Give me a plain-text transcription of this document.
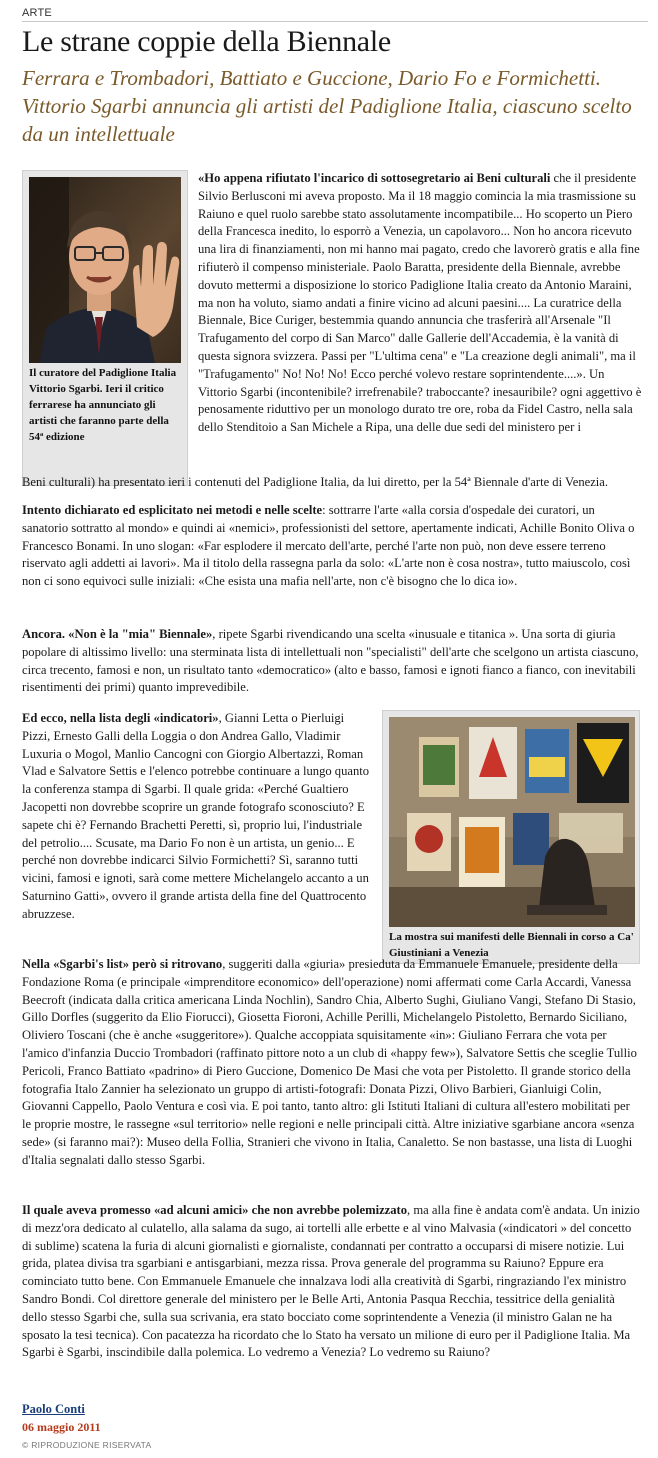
ARTE
Le strane coppie della Biennale

Ferrara e Trombadori, Battiato e Guccione, Dario Fo e Formichetti. Vittorio Sgarbi annuncia gli artisti del Padiglione Italia, ciascuno scelto da un intellettuale

Il curatore del Padiglione Italia Vittorio Sgarbi. Ieri il critico ferrarese ha annunciato gli artisti che faranno parte della 54ª edizione
La mostra sui manifesti delle Biennali in corso a Ca' Giustiniani a Venezia

«Ho appena rifiutato l'incarico di sottosegretario ai Beni culturali che il presidente Silvio Berlusconi mi aveva proposto. Ma il 18 maggio comincia la mia trasmissione su Raiuno e quel ruolo sarebbe stato assolutamente incompatibile... Ho scoperto un Piero della Francesca inedito, lo esporrò a Venezia, un capolavoro... Non ho ancora ricevuto una lira di finanziamenti, non mi hanno mai pagato, credo che lavorerò gratis e alla fine rifiuterò il compenso ministeriale. Paolo Baratta, presidente della Biennale, avrebbe dovuto mettermi a disposizione lo storico Padiglione Italia creato da Antonio Maraini, ma non ha voluto, siamo andati a finire vicino ad alcuni paesini.... La curatrice della Biennale, Bice Curiger, bestemmia quando annuncia che trasferirà all'Arsenale "Il Trafugamento del corpo di San Marco" dalle Gallerie dell'Accademia, è la vanità di questa signora svizzera. Passi per "L'ultima cena" e "La creazione degli animali", ma il "Trafugamento" No! No! No! Ecco perché volevo restare soprintendente....». Un Vittorio Sgarbi (incontenibile? irrefrenabile? traboccante? inesauribile? ogni aggettivo è penosamente riduttivo per un monologo durato tre ore, roba da Fidel Castro, nella sala dello Stenditoio a San Michele a Ripa, una delle due sedi del ministero per i

Beni culturali) ha presentato ieri i contenuti del Padiglione Italia, da lui diretto, per la 54ª Biennale d'arte di Venezia.

Intento dichiarato ed esplicitato nei metodi e nelle scelte: sottrarre l'arte «alla corsia d'ospedale dei curatori, un sanatorio sottratto al mondo» e quindi ai «nemici», professionisti del settore, apertamente indicati, Achille Bonito Oliva o Francesco Bonami. In uno slogan: «Far esplodere il mercato dell'arte, perché l'arte non può, non deve essere terreno riservato agli addetti ai lavori». Ma il titolo della rassegna parla da solo: «L'arte non è cosa nostra», tutto maiuscolo, così non ci sono equivoci sulle iniziali: «Che esista una mafia nell'arte, non c'è bisogno che lo dica io».

Ancora. «Non è la "mia" Biennale», ripete Sgarbi rivendicando una scelta «inusuale e titanica ». Una sorta di giuria popolare di altissimo livello: una sterminata lista di intellettuali non "specialisti" dell'arte che scelgono un artista ciascuno, circa trecento, famosi e non, un risultato tanto «democratico» (alto e basso, famosi e ignoti fianco a fianco, con inevitabili risentimenti dei primi) quanto imprevedibile.

Ed ecco, nella lista degli «indicatori», Gianni Letta o Pierluigi Pizzi, Ernesto Galli della Loggia o don Andrea Gallo, Vladimir Luxuria o Mogol, Manlio Cancogni con Giorgio Albertazzi, Roman Vlad e Salvatore Settis e l'elenco potrebbe continuare a lungo quanto la conferenza stampa di Sgarbi. Il quale grida: «Perché Gualtiero Jacopetti non dovrebbe scoprire un grande fotografo sconosciuto? E sapete chi è? Fernando Brachetti Peretti, sì, proprio lui, l'industriale del petrolio.... Scusate, ma Dario Fo non è un artista, un genio... E perché non dovrebbe indicarci Silvio Formichetti? Sì, saranno tutti vicini, famosi e ignoti, sarà come mettere Michelangelo accanto a un Saturnino Gatti», ovvero il grande artista della fine del Quattrocento abruzzese.

Nella «Sgarbi's list» però si ritrovano, suggeriti dalla «giuria» presieduta da Emmanuele Emanuele, presidente della Fondazione Roma (e principale «imprenditore economico» dell'operazione) nomi affermati come Carla Accardi, Vanessa Beecroft (indicata dalla critica americana Linda Nochlin), Sandro Chia, Alberto Sughi, Giuliano Vangi, Stefano Di Stasio, Gillo Dorfles (suggerito da Elio Fiorucci), Giosetta Fioroni, Achille Perilli, Michelangelo Pistoletto, Bernardo Siciliano, Oliviero Toscani (che è anche «suggeritore»). Qualche accoppiata squisitamente «in»: Giuliano Ferrara che vota per l'amico d'infanzia Duccio Trombadori (raffinato pittore noto a un club di «happy few»), Salvatore Settis che sceglie Tullio Pericoli, Franco Battiato «padrino» di Piero Guccione, Domenico De Masi che vota per Pistoletto. Il grande storico della fotografia Italo Zannier ha selezionato un gruppo di artisti-fotografi: Donata Pizzi, Olivo Barbieri, Gianluigi Colin, Giovanni Cappello, Paolo Ventura e così via. E poi tanto, tanto altro: gli Istituti Italiani di cultura all'estero mobilitati per le proprie mostre, le rassegne «sul territorio» nelle regioni e nelle principali città. Altre iniziative sgarbiane ancora «senza sede» (si faranno mai?): Museo della Follia, Stranieri che vivono in Italia, Canaletto. Se non bastasse, una lista di Luoghi d'Italia segnalati dallo stesso Sgarbi.

Il quale aveva promesso «ad alcuni amici» che non avrebbe polemizzato, ma alla fine è andata com'è andata. Un inizio di mezz'ora dedicato al culatello, alla salama da sugo, ai tortelli alle erbette e al vino Malvasia («indicatori » del concetto di sublime) scatena la furia di alcuni giornalisti e giornaliste, condannati per contratto a occuparsi di misere notizie. Lui grida, platea divisa tra sgarbiani e antisgarbiani, mezza rissa. Prova generale del programma su Raiuno? Eppure era cominciato tutto bene. Con Emmanuele Emanuele che innalzava lodi alla creatività di Sgarbi, ringraziando l'ex ministro Sandro Bondi. Col direttore generale del ministero per le Belle Arti, Antonia Pasqua Recchia, tessitrice della genialità dello stesso Sgarbi che, sulla sua scrivania, era stato bocciato come soprintendente a Venezia (il ministro Galan ne ha sposato la tesi tecnica). Con pacatezza ha ricordato che lo Stato ha versato un milione di euro per il Padiglione Italia. Ma Sgarbi è Sgarbi, inscindibile dalla polemica. Lo vedremo a Venezia? Lo vedremo su Raiuno?

Paolo Conti
06 maggio 2011
© RIPRODUZIONE RISERVATA
